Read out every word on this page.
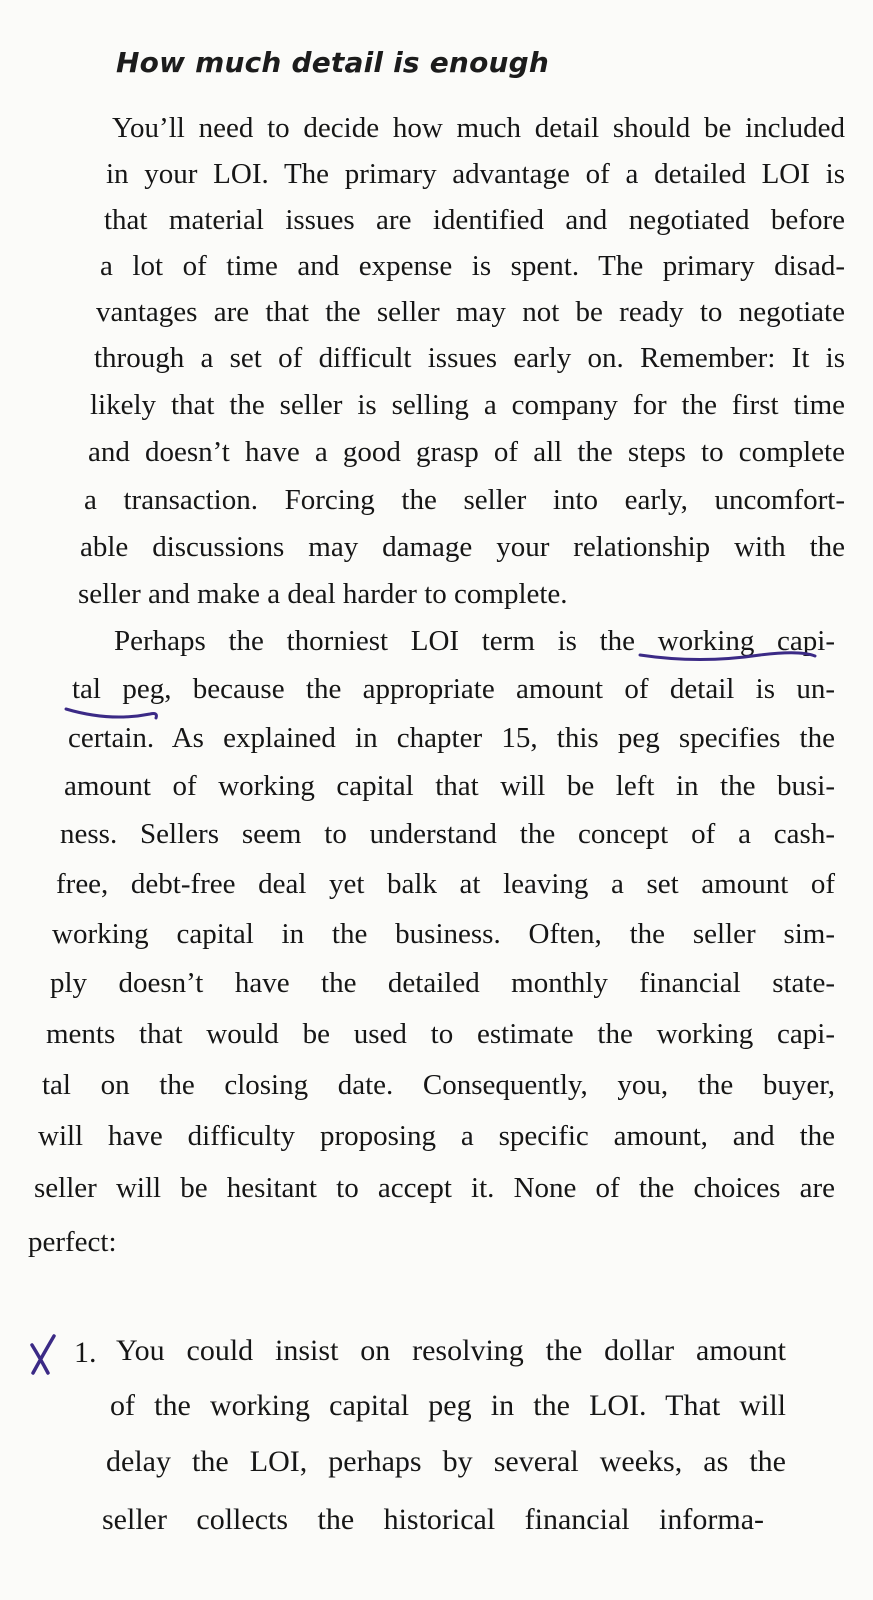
How much detail is enough
You’ll need to decide how much detail should be included
in your LOI. The primary advantage of a detailed LOI is
that material issues are identified and negotiated before
a lot of time and expense is spent. The primary disad-
vantages are that the seller may not be ready to negotiate
through a set of difficult issues early on. Remember: It is
likely that the seller is selling a company for the first time
and doesn’t have a good grasp of all the steps to complete
a transaction. Forcing the seller into early, uncomfort-
able discussions may damage your relationship with the
seller and make a deal harder to complete.
Perhaps the thorniest LOI term is the working capi-
tal peg, because the appropriate amount of detail is un-
certain. As explained in chapter 15, this peg specifies the
amount of working capital that will be left in the busi-
ness. Sellers seem to understand the concept of a cash-
free, debt-free deal yet balk at leaving a set amount of
working capital in the business. Often, the seller sim-
ply doesn’t have the detailed monthly financial state-
ments that would be used to estimate the working capi-
tal on the closing date. Consequently, you, the buyer,
will have difficulty proposing a specific amount, and the
seller will be hesitant to accept it. None of the choices are
perfect:
1. You could insist on resolving the dollar amount
of the working capital peg in the LOI. That will
delay the LOI, perhaps by several weeks, as the
seller collects the historical financial informa-
